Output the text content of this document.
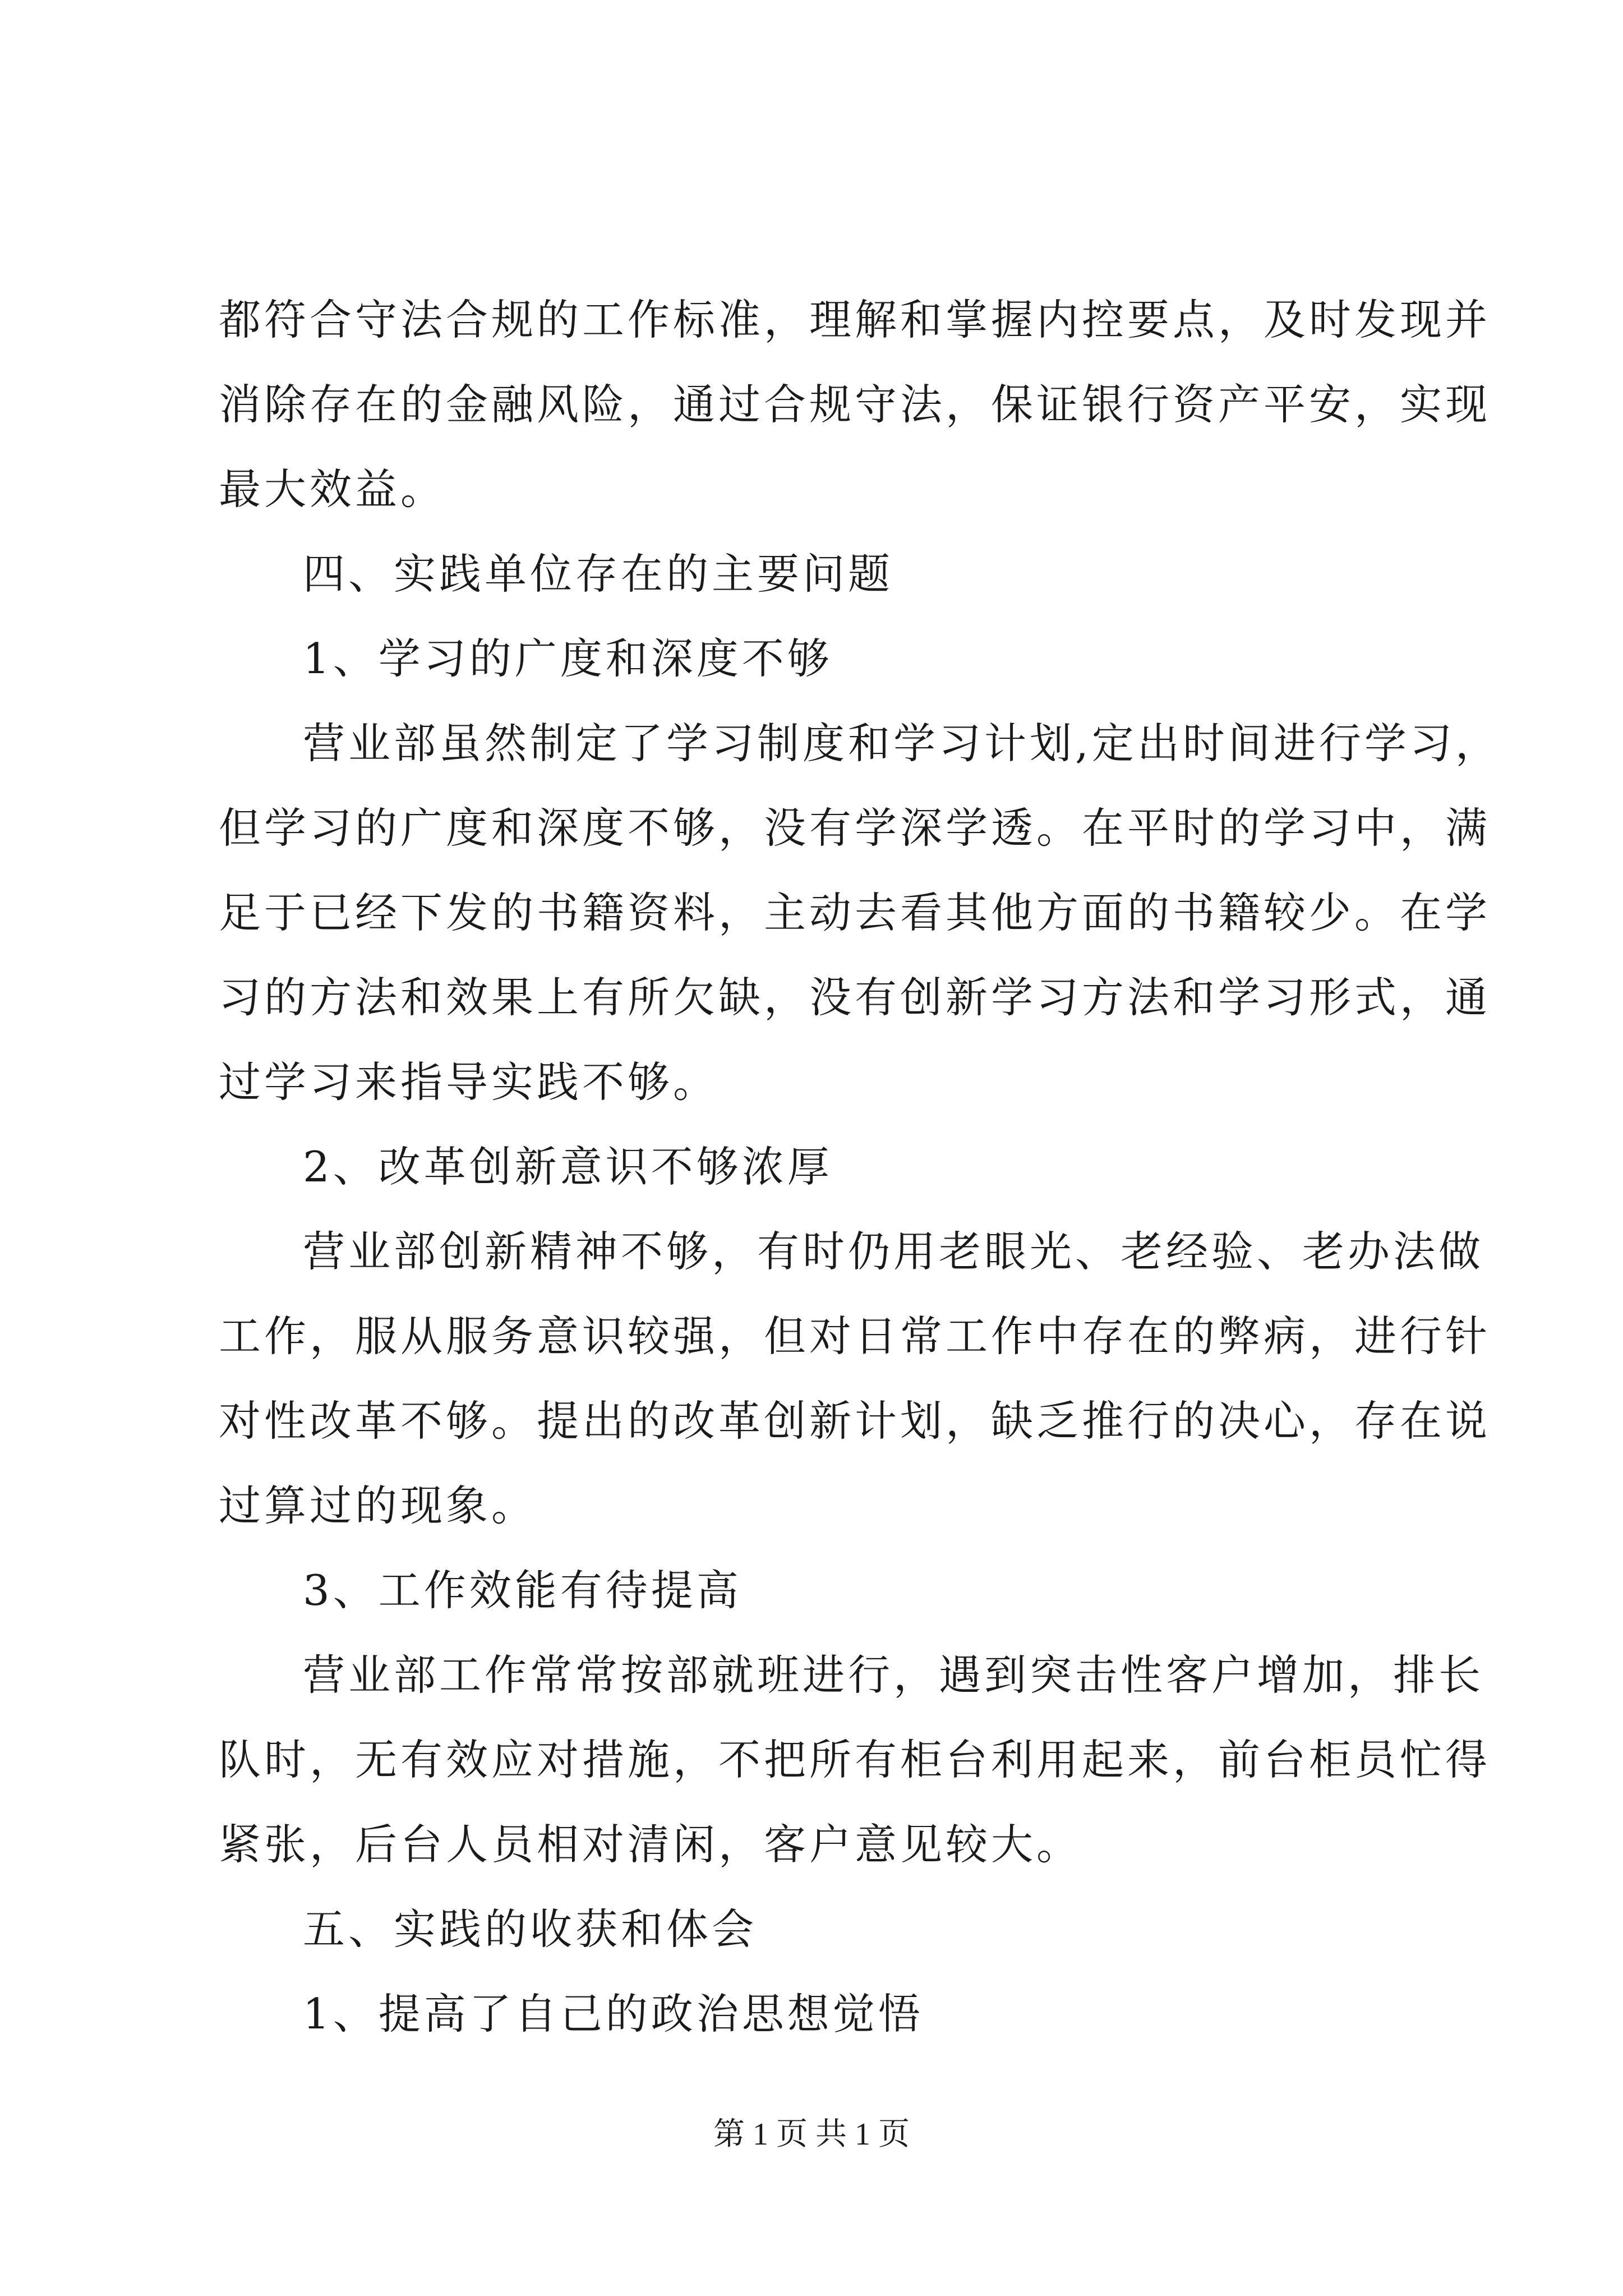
都符合守法合规的工作标准，理解和掌握内控要点，及时发现并
消除存在的金融风险，通过合规守法，保证银行资产平安，实现
最大效益。
四、实践单位存在的主要问题
1、学习的广度和深度不够
营业部虽然制定了学习制度和学习计划,定出时间进行学习，
但学习的广度和深度不够，没有学深学透。在平时的学习中，满
足于已经下发的书籍资料，主动去看其他方面的书籍较少。在学
习的方法和效果上有所欠缺，没有创新学习方法和学习形式，通
过学习来指导实践不够。
2、改革创新意识不够浓厚
营业部创新精神不够，有时仍用老眼光、老经验、老办法做
工作，服从服务意识较强，但对日常工作中存在的弊病，进行针
对性改革不够。提出的改革创新计划，缺乏推行的决心，存在说
过算过的现象。
3、工作效能有待提高
营业部工作常常按部就班进行，遇到突击性客户增加，排长
队时，无有效应对措施，不把所有柜台利用起来，前台柜员忙得
紧张，后台人员相对清闲，客户意见较大。
五、实践的收获和体会
1、提高了自己的政治思想觉悟
第 1 页 共 1 页
